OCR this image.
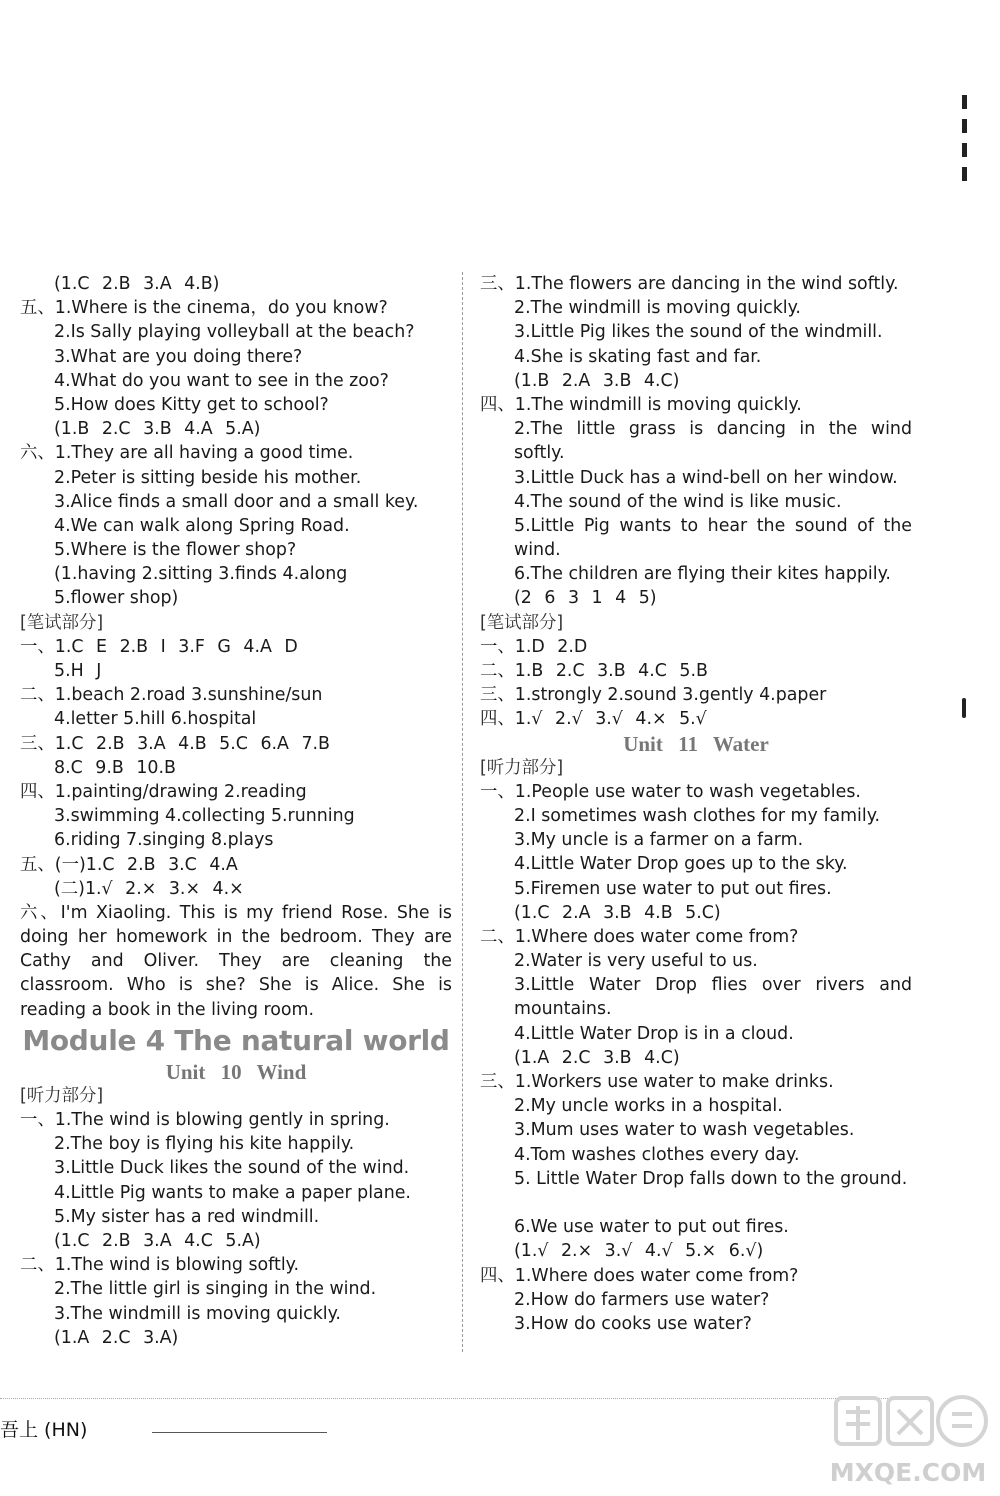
(1.C 2.B 3.A 4.B)
五、 1.Where is the cinema，do you know?
2.Is Sally playing volleyball at the beach?
3.What are you doing there?
4.What do you want to see in the zoo?
5.How does Kitty get to school?
(1.B 2.C 3.B 4.A 5.A)
六、 1.They are all having a good time.
2.Peter is sitting beside his mother.
3.Alice finds a small door and a small key.
4.We can walk along Spring Road.
5.Where is the flower shop?
(1.having 2.sitting 3.finds 4.along
5.flower shop)
[笔试部分]
一、 1.C E 2.B I 3.F G 4.A D
5.H J
二、 1.beach 2.road 3.sunshine/sun
4.letter 5.hill 6.hospital
三、 1.C 2.B 3.A 4.B 5.C 6.A 7.B
8.C 9.B 10.B
四、 1.painting/drawing 2.reading
3.swimming 4.collecting 5.running
6.riding 7.singing 8.plays
五、 (一)1.C 2.B 3.C 4.A
(二)1.√ 2.× 3.× 4.×
六、I'm Xiaoling. This is my friend Rose. She is doing her homework in the bedroom. They are Cathy and Oliver. They are cleaning the classroom. Who is she? She is Alice. She is reading a book in the living room.
Module 4 The natural world
Unit 10 Wind
[听力部分]
一、 1.The wind is blowing gently in spring.
2.The boy is flying his kite happily.
3.Little Duck likes the sound of the wind.
4.Little Pig wants to make a paper plane.
5.My sister has a red windmill.
(1.C 2.B 3.A 4.C 5.A)
二、 1.The wind is blowing softly.
2.The little girl is singing in the wind.
3.The windmill is moving quickly.
(1.A 2.C 3.A)
三、 1.The flowers are dancing in the wind softly.
2.The windmill is moving quickly.
3.Little Pig likes the sound of the windmill.
4.She is skating fast and far.
(1.B 2.A 3.B 4.C)
四、 1.The windmill is moving quickly.
2.The little grass is dancing in the wind softly.
3.Little Duck has a wind-bell on her window.
4.The sound of the wind is like music.
5.Little Pig wants to hear the sound of the wind.
6.The children are flying their kites happily.
(2 6 3 1 4 5)
[笔试部分]
一、 1.D 2.D
二、 1.B 2.C 3.B 4.C 5.B
三、 1.strongly 2.sound 3.gently 4.paper
四、 1.√ 2.√ 3.√ 4.× 5.√
Unit 11 Water
[听力部分]
一、 1.People use water to wash vegetables.
2.I sometimes wash clothes for my family.
3.My uncle is a farmer on a farm.
4.Little Water Drop goes up to the sky.
5.Firemen use water to put out fires.
(1.C 2.A 3.B 4.B 5.C)
二、 1.Where does water come from?
2.Water is very useful to us.
3.Little Water Drop flies over rivers and mountains.
4.Little Water Drop is in a cloud.
(1.A 2.C 3.B 4.C)
三、 1.Workers use water to make drinks.
2.My uncle works in a hospital.
3.Mum uses water to wash vegetables.
4.Tom washes clothes every day.
5. Little Water Drop falls down to the ground.
6.We use water to put out fires.
(1.√ 2.× 3.√ 4.√ 5.× 6.√)
四、 1.Where does water come from?
2.How do farmers use water?
3.How do cooks use water?
吾上 (HN)
MXQE.COM
